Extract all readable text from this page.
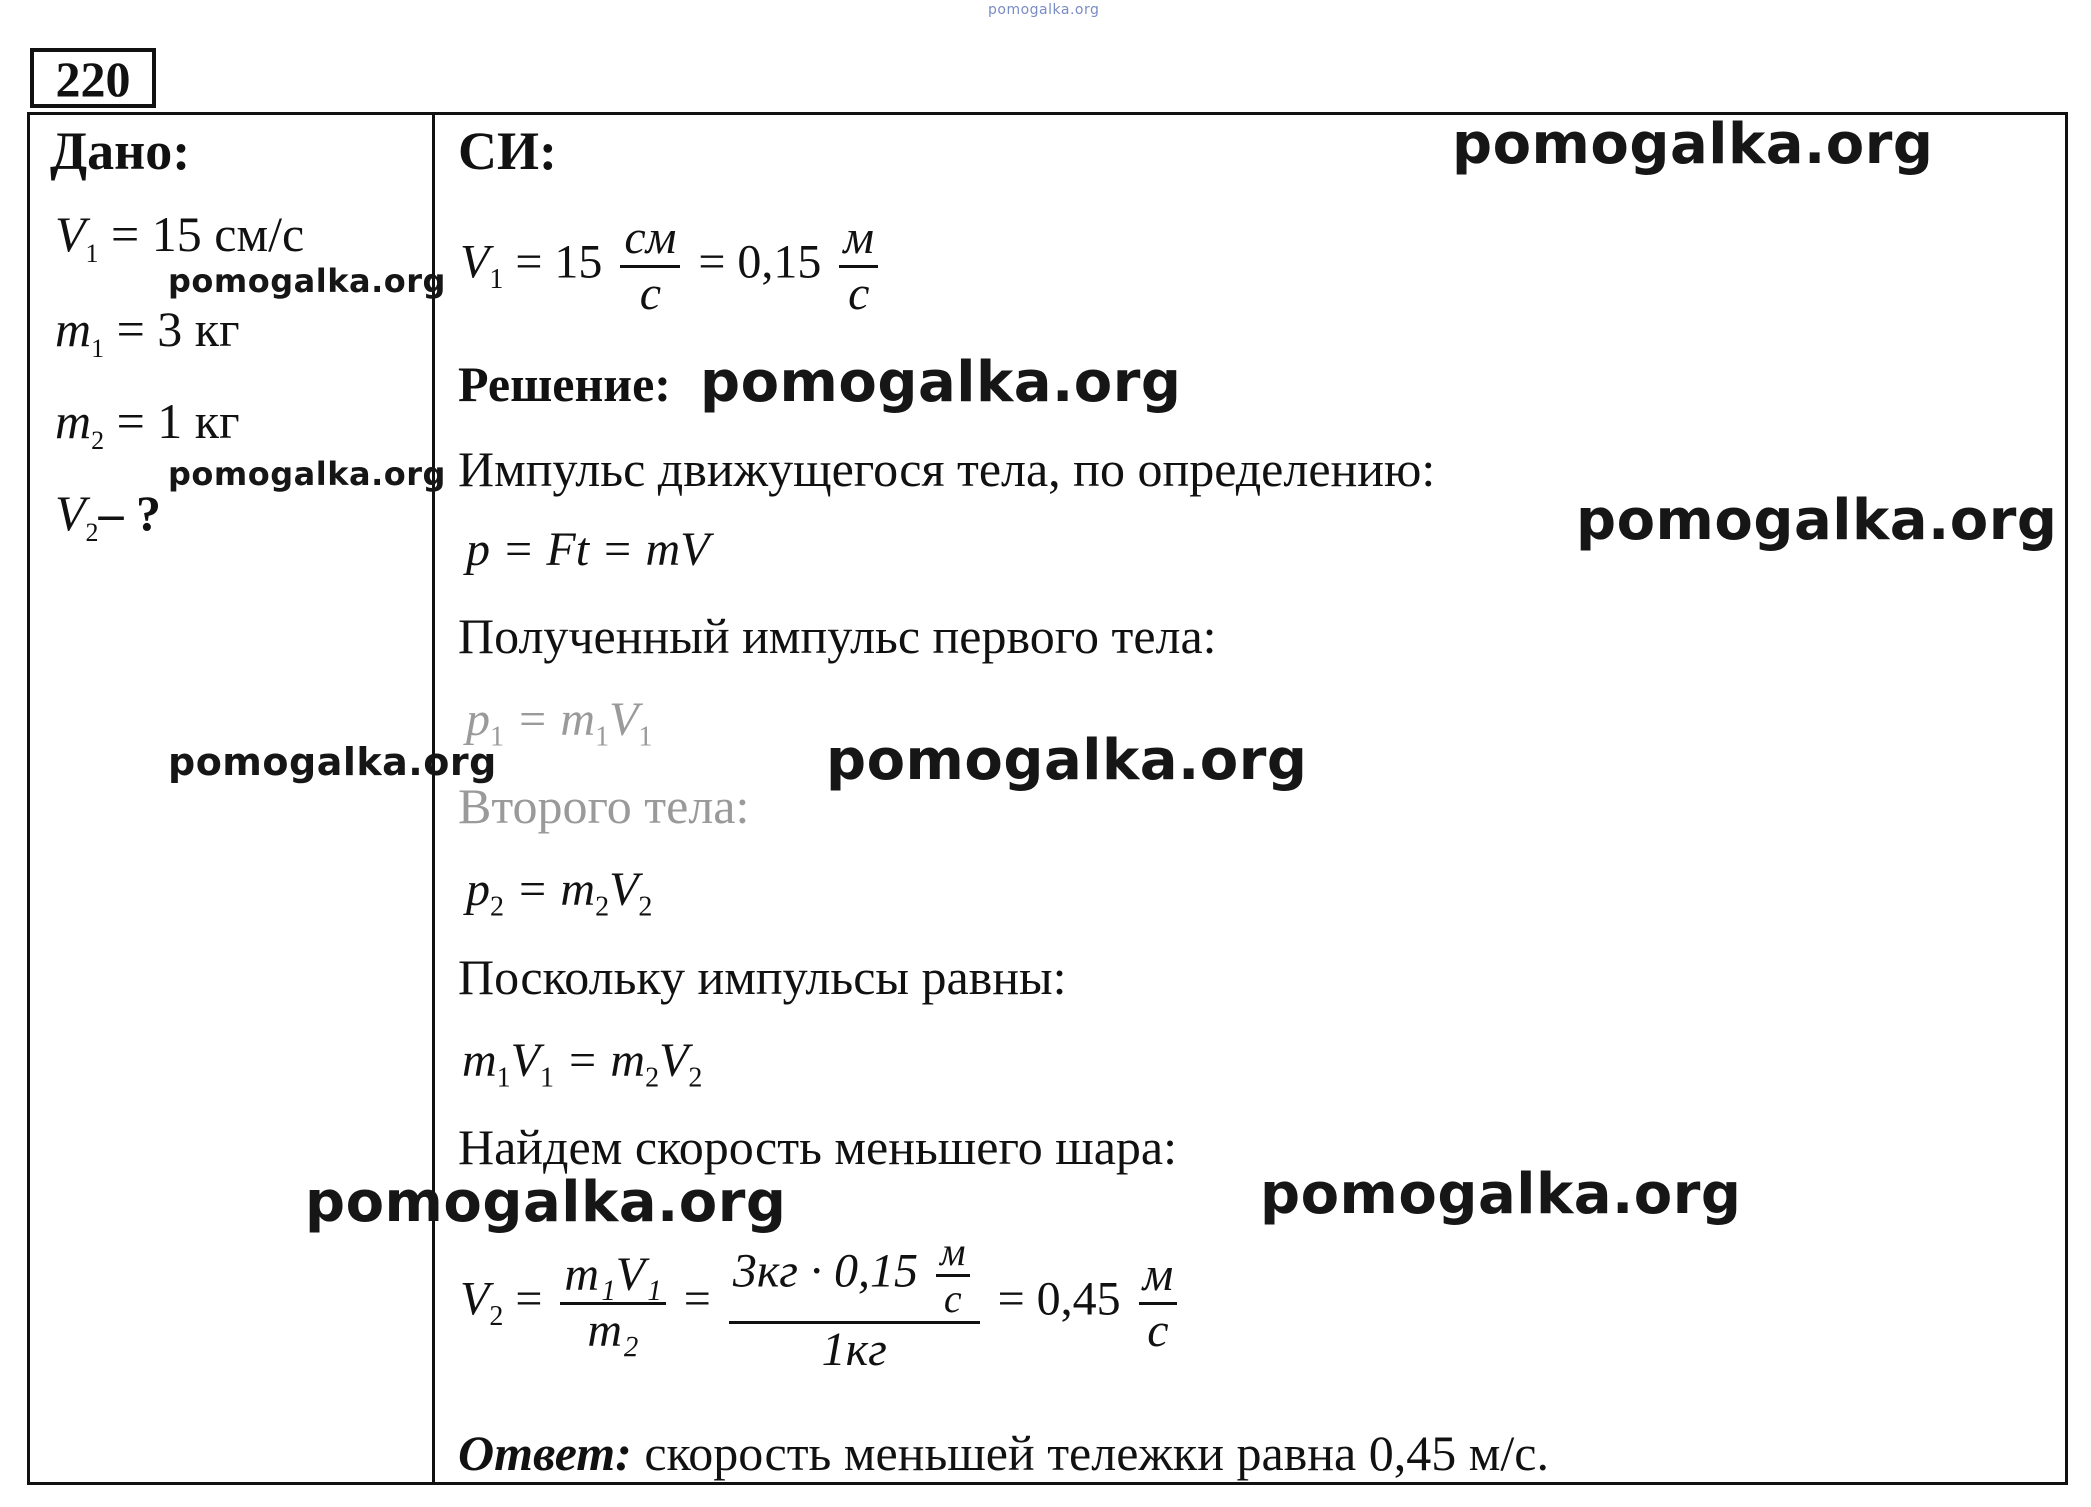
pomogalka.org
220
Дано:
$V_1 = 15$ см/с
$m_1 = 3$ кг
$m_2 = 1$ кг
$V_2-$ ?
СИ:
$V_1 = 15 \frac{см}{с} = 0,15 \frac{м}{с}$
Решение:
Импульс движущегося тела, по определению:
p = Ft = mV
Полученный импульс первого тела:
$p_1 = m_1V_1$
Второго тела:
$p_2 = m_2V_2$
Поскольку импульсы равны:
$m_1V_1 = m_2V_2$
Найдем скорость меньшего шара:
$V_2 = \frac{\text{m₁V₁}}{\text{m₂}} = \frac{3кг \cdot 0,15 \frac{м}{с}}{1кг} = 0,45 \frac{м}{с}$
Ответ: скорость меньшей тележки равна 0,45 м/с.
pomogalka.org
pomogalka.org
pomogalka.org
pomogalka.org
pomogalka.org
pomogalka.org	pomogalka.org
pomogalka.org	pomogalka.org
